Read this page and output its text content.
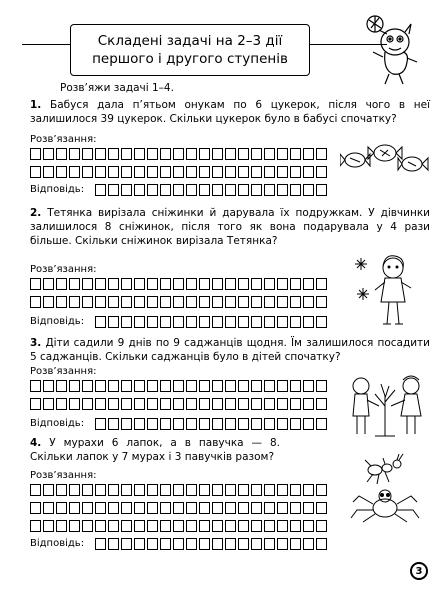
Складені задачі на 2–3 дії
першого і другого ступенів
Розв’яжи задачі 1–4.

1. Бабуся дала п’ятьом онукам по 6 цукерок, після чого в неї залишилося 39 цукерок. Скільки цукерок було в бабусі спочатку?

Розв’язання:
Відповідь:

2. Тетянка вирізала сніжинки й дарувала їх подружкам. У дівчинки залишилося 8 сніжинок, після того як вона подарувала у 4 рази більше. Скільки сніжинок вирізала Тетянка?

Розв’язання:
Відповідь:

3. Діти садили 9 днів по 9 саджанців щодня. Їм залишилося посадити 5 саджанців. Скільки саджанців було в дітей спочатку?

Розв’язання:
Відповідь:

4. У мурахи 6 лапок, а в павучка — 8. Скільки лапок у 7 мурах і 3 павучків разом?

Розв’язання:
Відповідь:
3
